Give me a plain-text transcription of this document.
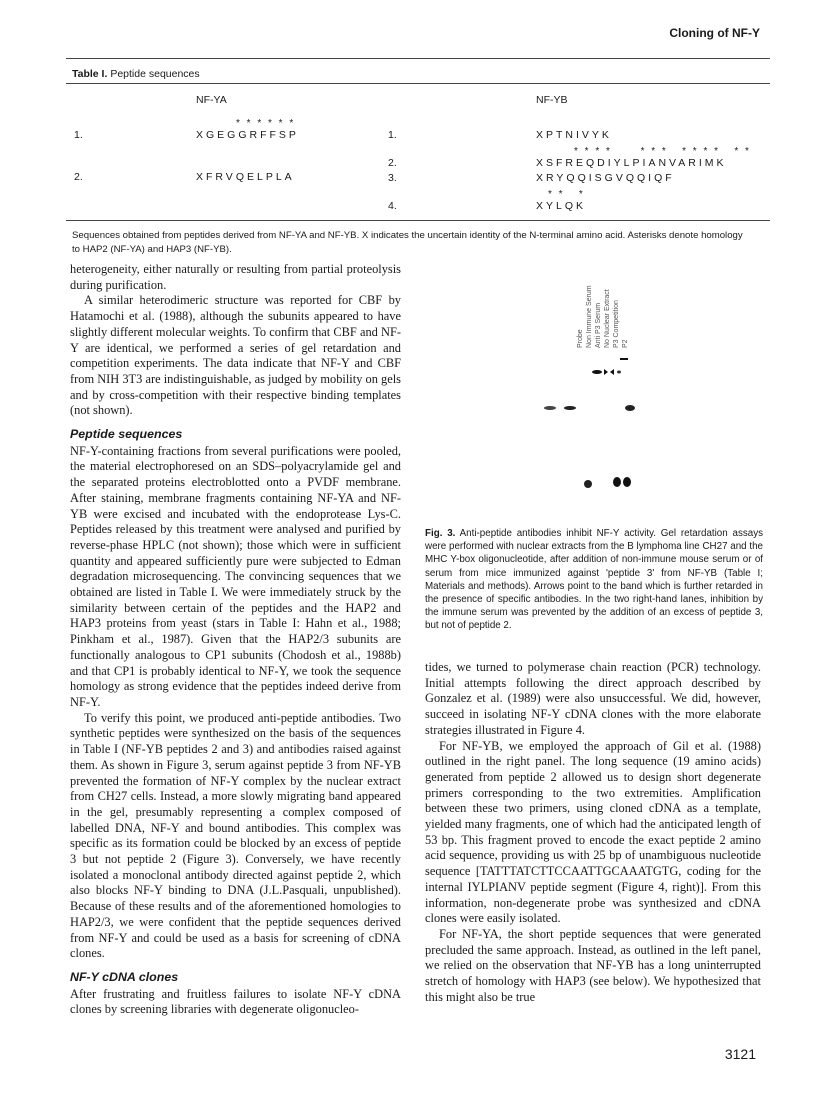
Cloning of NF-Y
Table I. Peptide sequences
NF-YA	NF-YB
* * * * * *
1.	XGEGGRFFSP
2.	XFRVQELPLA
1.	XPTNIVYK
* * * *      * * *   * * * *   * *
2.	XSFREQDIYLPIANVARIMK
3.	XRYQQISGVQQIQF
* *   *
4.	XYLQK
Sequences obtained from peptides derived from NF-YA and NF-YB. X indicates the uncertain identity of the N-terminal amino acid. Asterisks denote homology to HAP2 (NF-YA) and HAP3 (NF-YB).

heterogeneity, either naturally or resulting from partial proteolysis during purification.

A similar heterodimeric structure was reported for CBF by Hatamochi et al. (1988), although the subunits appeared to have slightly different molecular weights. To confirm that CBF and NF-Y are identical, we performed a series of gel retardation and competition experiments. The data indicate that NF-Y and CBF from NIH 3T3 are indistinguishable, as judged by mobility on gels and by cross-competition with their respective binding templates (not shown).

Peptide sequences

NF-Y-containing fractions from several purifications were pooled, the material electrophoresed on an SDS–polyacrylamide gel and the separated proteins electroblotted onto a PVDF membrane. After staining, membrane fragments containing NF-YA and NF-YB were excised and incubated with the endoprotease Lys-C. Peptides released by this treatment were analysed and purified by reverse-phase HPLC (not shown); those which were in sufficient quantity and appeared sufficiently pure were subjected to Edman degradation microsequencing. The convincing sequences that we obtained are listed in Table I. We were immediately struck by the similarity between certain of the peptides and the HAP2 and HAP3 proteins from yeast (stars in Table I: Hahn et al., 1988; Pinkham et al., 1987). Given that the HAP2/3 subunits are functionally analogous to CP1 subunits (Chodosh et al., 1988b) and that CP1 is probably identical to NF-Y, we took the sequence homology as strong evidence that the peptides indeed derive from NF-Y.

To verify this point, we produced anti-peptide antibodies. Two synthetic peptides were synthesized on the basis of the sequences in Table I (NF-YB peptides 2 and 3) and antibodies raised against them. As shown in Figure 3, serum against peptide 3 from NF-YB prevented the formation of NF-Y complex by the nuclear extract from CH27 cells. Instead, a more slowly migrating band appeared in the gel, presumably representing a complex composed of labelled DNA, NF-Y and bound antibodies. This complex was specific as its formation could be blocked by an excess of peptide 3 but not peptide 2 (Figure 3). Conversely, we have recently isolated a monoclonal antibody directed against peptide 2, which also blocks NF-Y binding to DNA (J.L.Pasquali, unpublished). Because of these results and of the aforementioned homologies to HAP2/3, we were confident that the peptide sequences derived from NF-Y and could be used as a basis for screening of cDNA clones.

NF-Y cDNA clones

After frustrating and fruitless failures to isolate NF-Y cDNA clones by screening libraries with degenerate oligonucleo-

Probe Non Immune Serum Anti P3 Serum No Nuclear Extract P3 Competition P2
Fig. 3. Anti-peptide antibodies inhibit NF-Y activity. Gel retardation assays were performed with nuclear extracts from the B lymphoma line CH27 and the MHC Y-box oligonucleotide, after addition of non-immune mouse serum or of serum from mice immunized against 'peptide 3' from NF-YB (Table I; Materials and methods). Arrows point to the band which is further retarded in the presence of specific antibodies. In the two right-hand lanes, inhibition by the immune serum was prevented by the addition of an excess of peptide 3, but not of peptide 2.

tides, we turned to polymerase chain reaction (PCR) technology. Initial attempts following the direct approach described by Gonzalez et al. (1989) were also unsuccessful. We did, however, succeed in isolating NF-Y cDNA clones with the more elaborate strategies illustrated in Figure 4.

For NF-YB, we employed the approach of Gil et al. (1988) outlined in the right panel. The long sequence (19 amino acids) generated from peptide 2 allowed us to design short degenerate primers corresponding to the two extremities. Amplification between these two primers, using cloned cDNA as a template, yielded many fragments, one of which had the anticipated length of 53 bp. This fragment proved to encode the exact peptide 2 amino acid sequence, providing us with 25 bp of unambiguous nucleotide sequence [TATTTATCTTCCAATTGCAAATGTG, coding for the internal IYLPIANV peptide segment (Figure 4, right)]. From this information, non-degenerate probe was synthesized and cDNA clones were easily isolated.

For NF-YA, the short peptide sequences that were generated precluded the same approach. Instead, as outlined in the left panel, we relied on the observation that NF-YB has a long uninterrupted stretch of homology with HAP3 (see below). We hypothesized that this might also be true

3121
